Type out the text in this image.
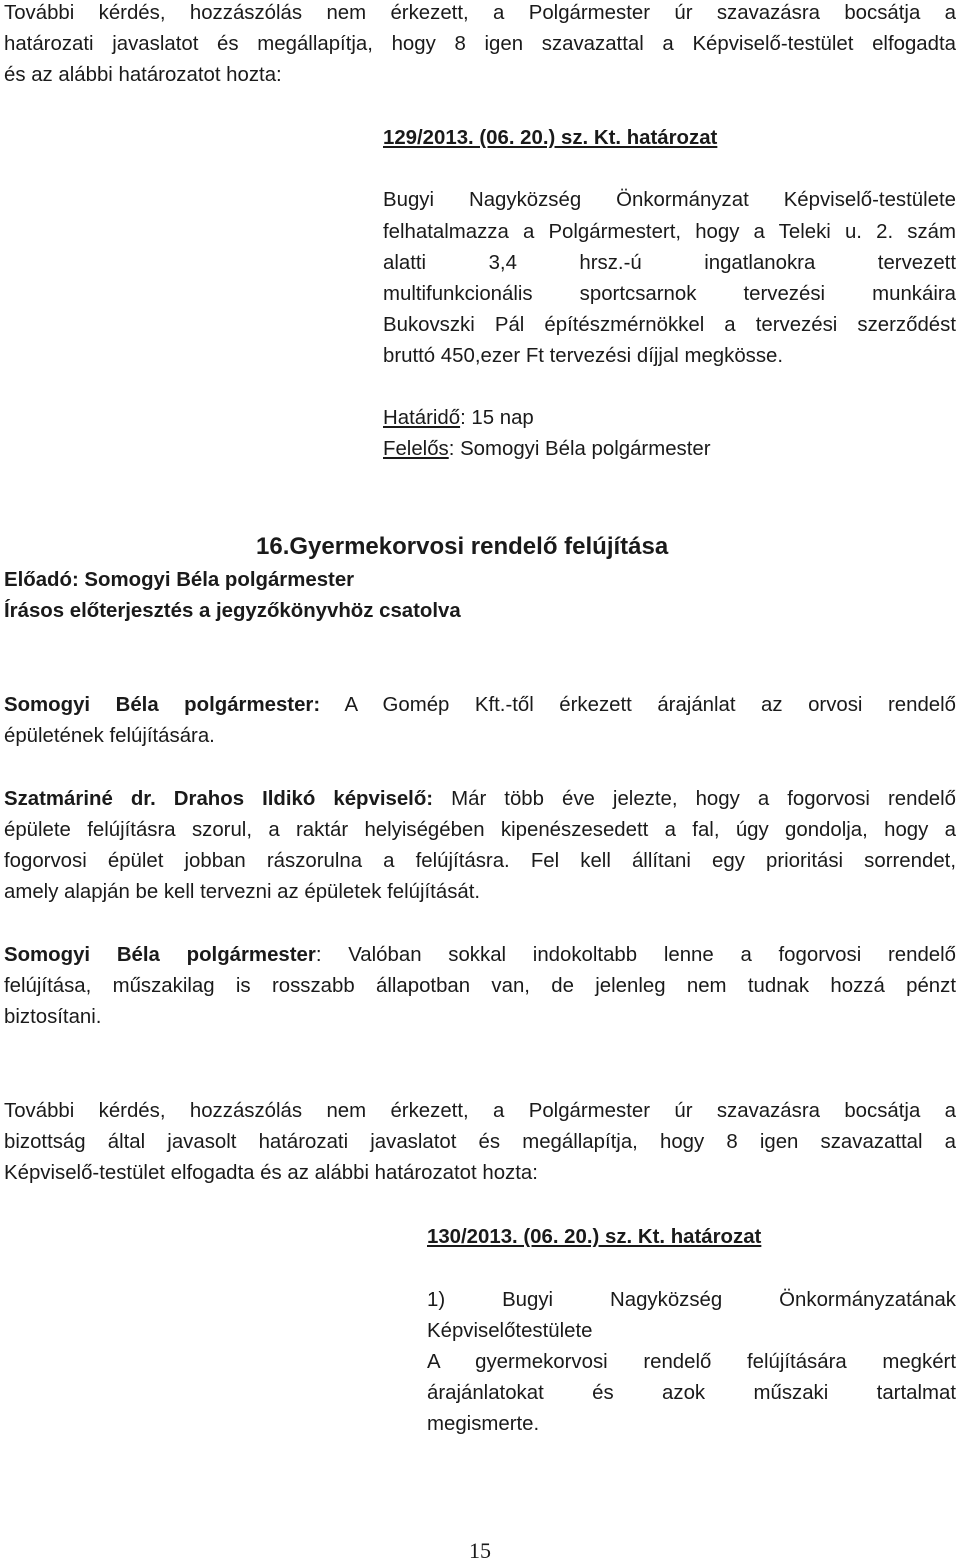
További kérdés, hozzászólás nem érkezett, a Polgármester úr szavazásra bocsátja a
határozati javaslatot és megállapítja, hogy 8 igen szavazattal a Képviselő-testület elfogadta
és az alábbi határozatot hozta:
129/2013. (06. 20.) sz. Kt. határozat
Bugyi Nagyközség Önkormányzat Képviselő-testülete
felhatalmazza a Polgármestert, hogy a Teleki u. 2. szám
alatti 3,4 hrsz.-ú ingatlanokra tervezett
multifunkcionális sportcsarnok tervezési munkáira
Bukovszki Pál építészmérnökkel a tervezési szerződést
bruttó 450,ezer Ft tervezési díjjal megkösse.
Határidő: 15 nap
Felelős: Somogyi Béla polgármester
16.Gyermekorvosi rendelő felújítása
Előadó: Somogyi Béla polgármester
Írásos előterjesztés a jegyzőkönyvhöz csatolva
Somogyi Béla polgármester: A Gomép Kft.-től érkezett árajánlat az orvosi rendelő
épületének felújítására.
Szatmáriné dr. Drahos Ildikó képviselő: Már több éve jelezte, hogy a fogorvosi rendelő
épülete felújításra szorul, a raktár helyiségében kipenészesedett a fal, úgy gondolja, hogy a
fogorvosi épület jobban rászorulna a felújításra. Fel kell állítani egy prioritási sorrendet,
amely alapján be kell tervezni az épületek felújítását.
Somogyi Béla polgármester: Valóban sokkal indokoltabb lenne a fogorvosi rendelő
felújítása, műszakilag is rosszabb állapotban van, de jelenleg nem tudnak hozzá pénzt
biztosítani.
További kérdés, hozzászólás nem érkezett, a Polgármester úr szavazásra bocsátja a
bizottság által javasolt határozati javaslatot és megállapítja, hogy 8 igen szavazattal a
Képviselő-testület elfogadta és az alábbi határozatot hozta:
130/2013. (06. 20.) sz. Kt. határozat
1) Bugyi Nagyközség Önkormányzatának
Képviselőtestülete
A gyermekorvosi rendelő felújítására megkért
árajánlatokat és azok műszaki tartalmat
megismerte.
15
